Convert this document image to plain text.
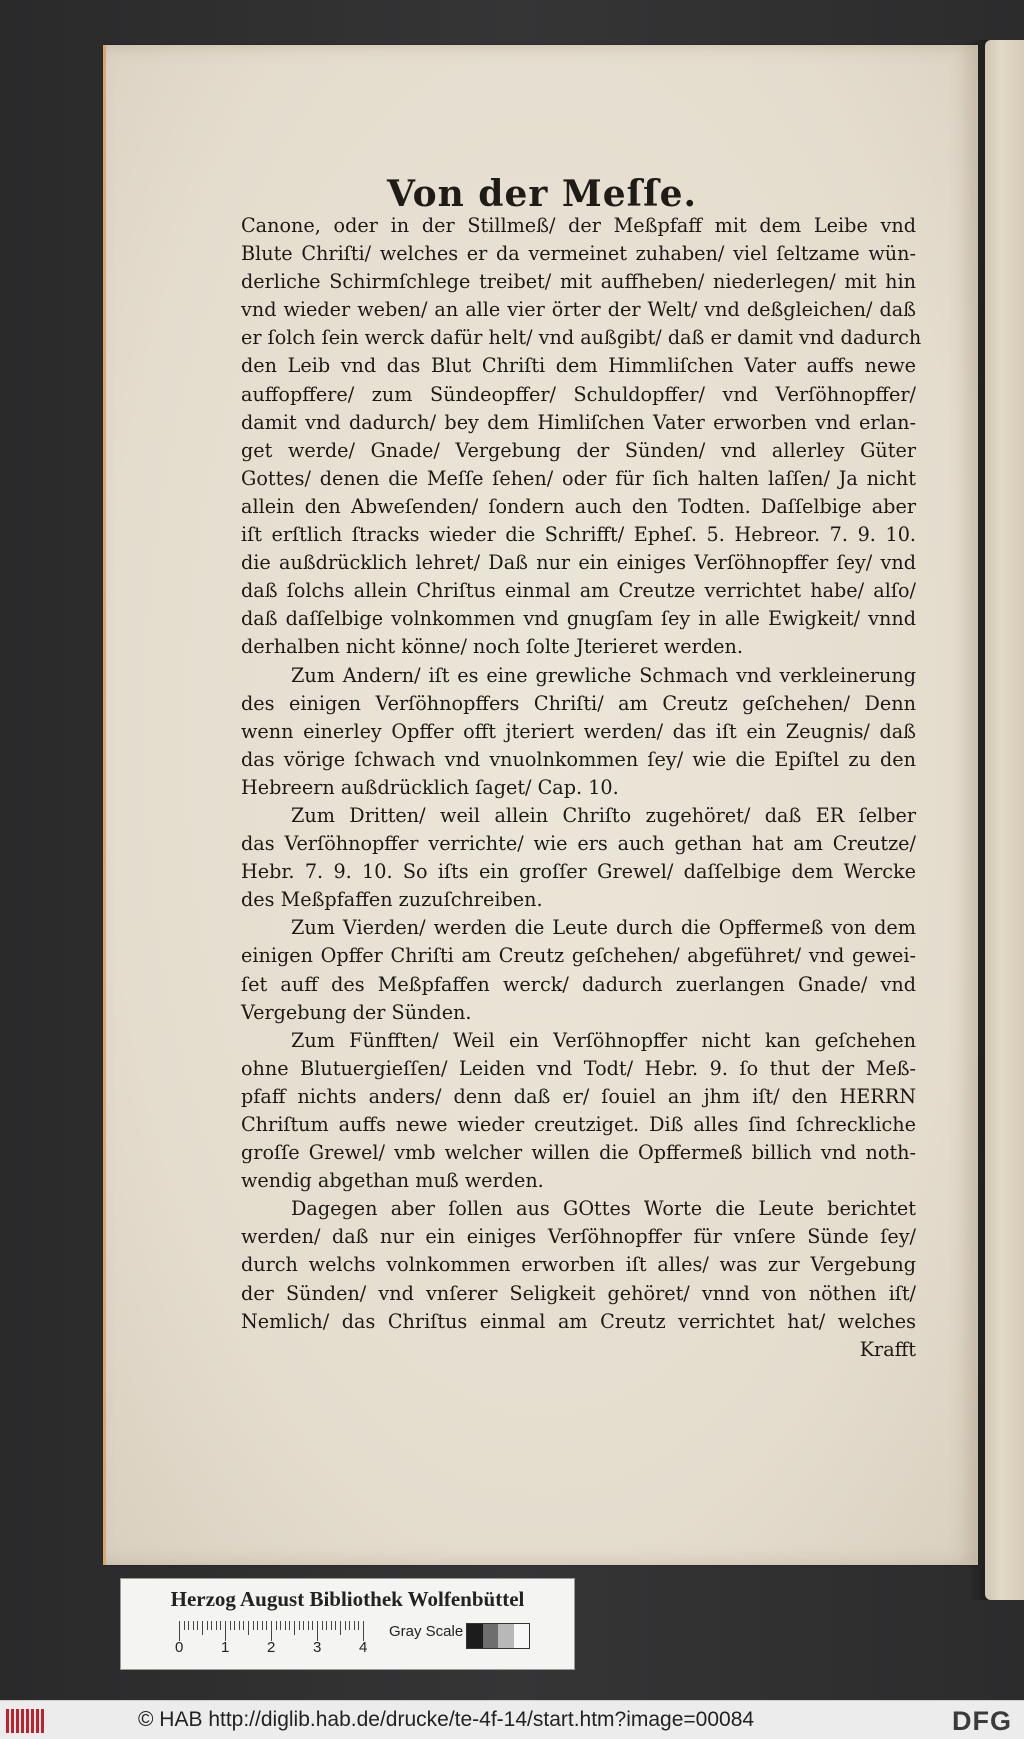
Von der Meſſe.
Canone, oder in der Stillmeß/ der Meßpfaff mit dem Leibe vnd
Blute Chriſti/ welches er da vermeinet zuhaben/ viel ſeltzame wün-
derliche Schirmſchlege treibet/ mit auffheben/ niederlegen/ mit hin
vnd wieder weben/ an alle vier örter der Welt/ vnd deßgleichen/ daß
er ſolch ſein werck dafür helt/ vnd außgibt/ daß er damit vnd dadurch
den Leib vnd das Blut Chriſti dem Himmliſchen Vater auffs newe
auffopffere/ zum Sündeopffer/ Schuldopffer/ vnd Verſöhnopffer/
damit vnd dadurch/ bey dem Himliſchen Vater erworben vnd erlan-
get werde/ Gnade/ Vergebung der Sünden/ vnd allerley Güter
Gottes/ denen die Meſſe ſehen/ oder für ſich halten laſſen/ Ja nicht
allein den Abweſenden/ ſondern auch den Todten. Daſſelbige aber
iſt erſtlich ſtracks wieder die Schrifft/ Epheſ. 5. Hebreor. 7. 9. 10.
die außdrücklich lehret/ Daß nur ein einiges Verſöhnopffer ſey/ vnd
daß ſolchs allein Chriſtus einmal am Creutze verrichtet habe/ alſo/
daß daſſelbige volnkommen vnd gnugſam ſey in alle Ewigkeit/ vnnd
derhalben nicht könne/ noch ſolte Jterieret werden.
Zum Andern/ iſt es eine grewliche Schmach vnd verkleinerung
des einigen Verſöhnopffers Chriſti/ am Creutz geſchehen/ Denn
wenn einerley Opffer offt jteriert werden/ das iſt ein Zeugnis/ daß
das vörige ſchwach vnd vnuolnkommen ſey/ wie die Epiſtel zu den
Hebreern außdrücklich ſaget/ Cap. 10.
Zum Dritten/ weil allein Chriſto zugehöret/ daß ER ſelber
das Verſöhnopffer verrichte/ wie ers auch gethan hat am Creutze/
Hebr. 7. 9. 10. So iſts ein groſſer Grewel/ daſſelbige dem Wercke
des Meßpfaffen zuzuſchreiben.
Zum Vierden/ werden die Leute durch die Opffermeß von dem
einigen Opffer Chriſti am Creutz geſchehen/ abgeführet/ vnd gewei-
ſet auff des Meßpfaffen werck/ dadurch zuerlangen Gnade/ vnd
Vergebung der Sünden.
Zum Fünfften/ Weil ein Verſöhnopffer nicht kan geſchehen
ohne Blutuergieſſen/ Leiden vnd Todt/ Hebr. 9. ſo thut der Meß-
pfaff nichts anders/ denn daß er/ ſouiel an jhm iſt/ den HERRN
Chriſtum auffs newe wieder creutziget. Diß alles ſind ſchreckliche
groſſe Grewel/ vmb welcher willen die Opffermeß billich vnd noth-
wendig abgethan muß werden.
Dagegen aber ſollen aus GOttes Worte die Leute berichtet
werden/ daß nur ein einiges Verſöhnopffer für vnſere Sünde ſey/
durch welchs volnkommen erworben iſt alles/ was zur Vergebung
der Sünden/ vnd vnſerer Seligkeit gehöret/ vnnd von nöthen iſt/
Nemlich/ das Chriſtus einmal am Creutz verrichtet hat/ welches
Krafft
Herzog August Bibliothek Wolfenbüttel
Gray Scale
0	1	2	3	4
© HAB http://diglib.hab.de/drucke/te-4f-14/start.htm?image=00084	DFG
